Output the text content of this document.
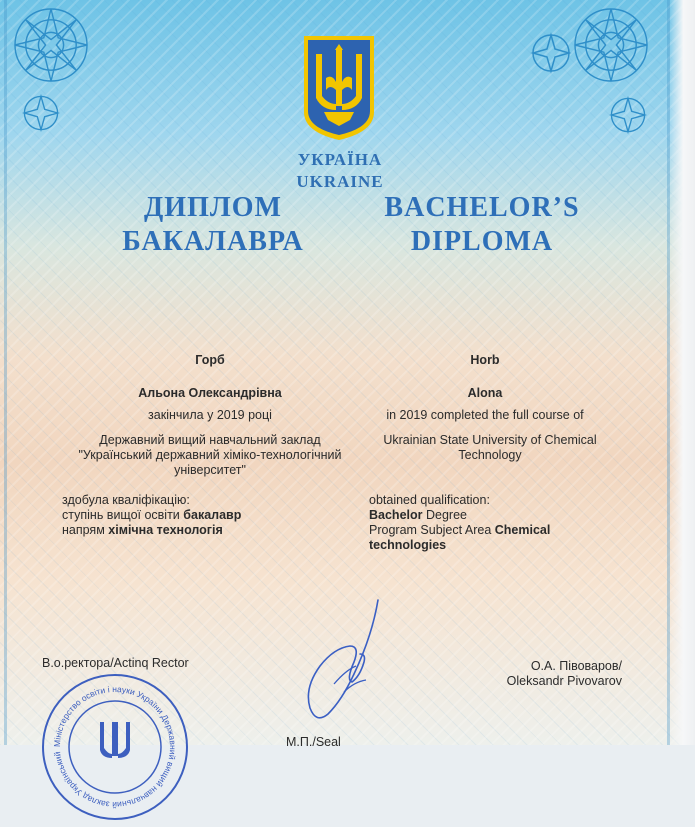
УКРАЇНА
UKRAINE
ДИПЛОМ
БАКАЛАВРА
BACHELOR’S
DIPLOMA
Горб	Horb
Альона Олександрівна	Alona
закінчила у 2019 році	in 2019 completed the full course of
Державний вищий навчальний заклад
"Український державний хіміко-технологічний
університет"
Ukrainian State University of Chemical
Technology
здобула кваліфікацію:
ступінь вищої освіти бакалавр
напрям хімічна технологія
obtained qualification:
Bachelor Degree
Program Subject Area Chemical
technologies
В.о.ректора/Actinq Rector	О.А. Півоваров/
Oleksandr Pivovarov
М.П./Seal
Міністерство освіти і науки України Державний вищий навчальний заклад Український
